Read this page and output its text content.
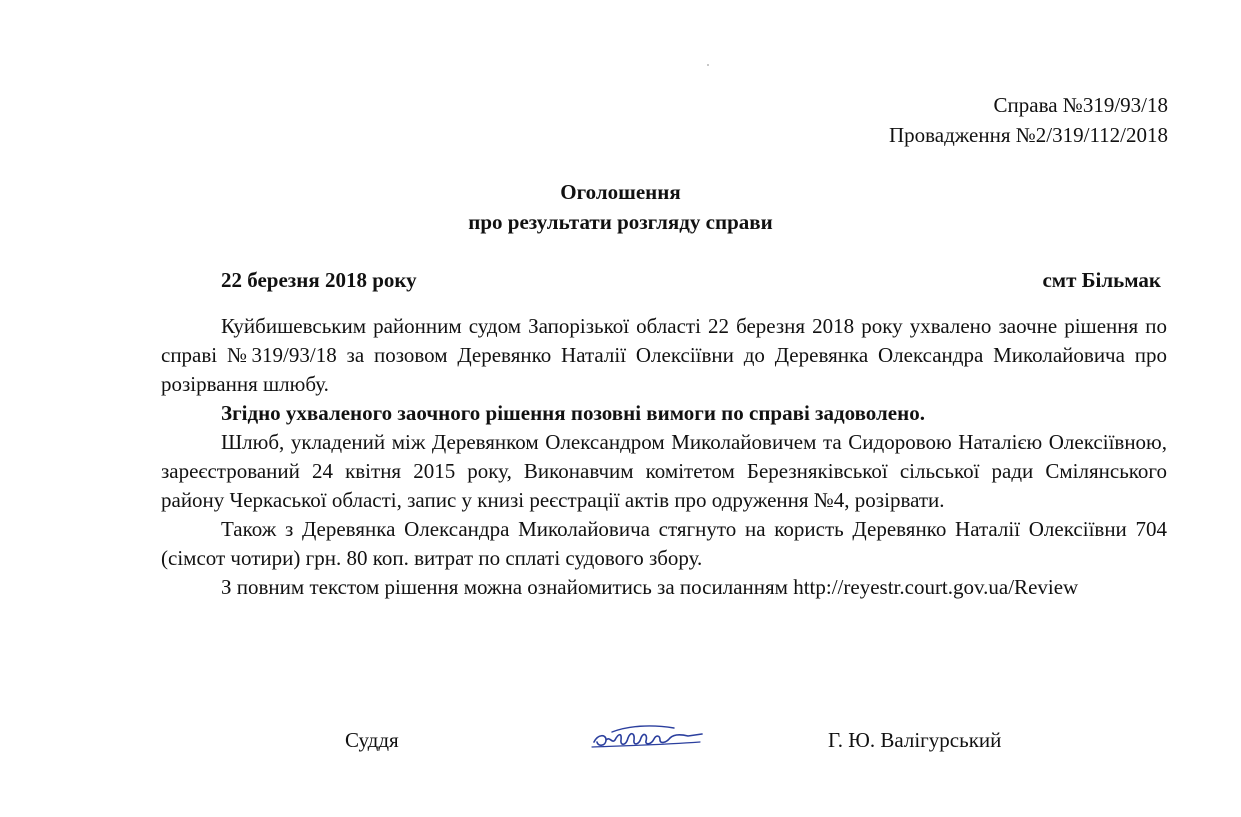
Справа №319/93/18
Провадження №2/319/112/2018
Оголошення
про результати розгляду справи
22 березня 2018 року	смт Більмак

Куйбишевським районним судом Запорізької області 22 березня 2018 року ухвалено заочне рішення по справі №319/93/18 за позовом Деревянко Наталії Олексіївни до Деревянка Олександра Миколайовича про розірвання шлюбу.

Згідно ухваленого заочного рішення позовні вимоги по справі задоволено.

Шлюб, укладений між Деревянком Олександром Миколайовичем та Сидоровою Наталією Олексіївною, зареєстрований 24 квітня 2015 року, Виконавчим комітетом Березняківської сільської ради Смілянського району Черкаської області, запис у книзі реєстрації актів про одруження №4, розірвати.

Також з Деревянка Олександра Миколайовича стягнуто на користь Деревянко Наталії Олексіївни 704 (сімсот чотири) грн. 80 коп. витрат по сплаті судового збору.

З повним текстом рішення можна ознайомитись за посиланням http://reyestr.court.gov.ua/Review

Суддя	Г. Ю. Валігурський
